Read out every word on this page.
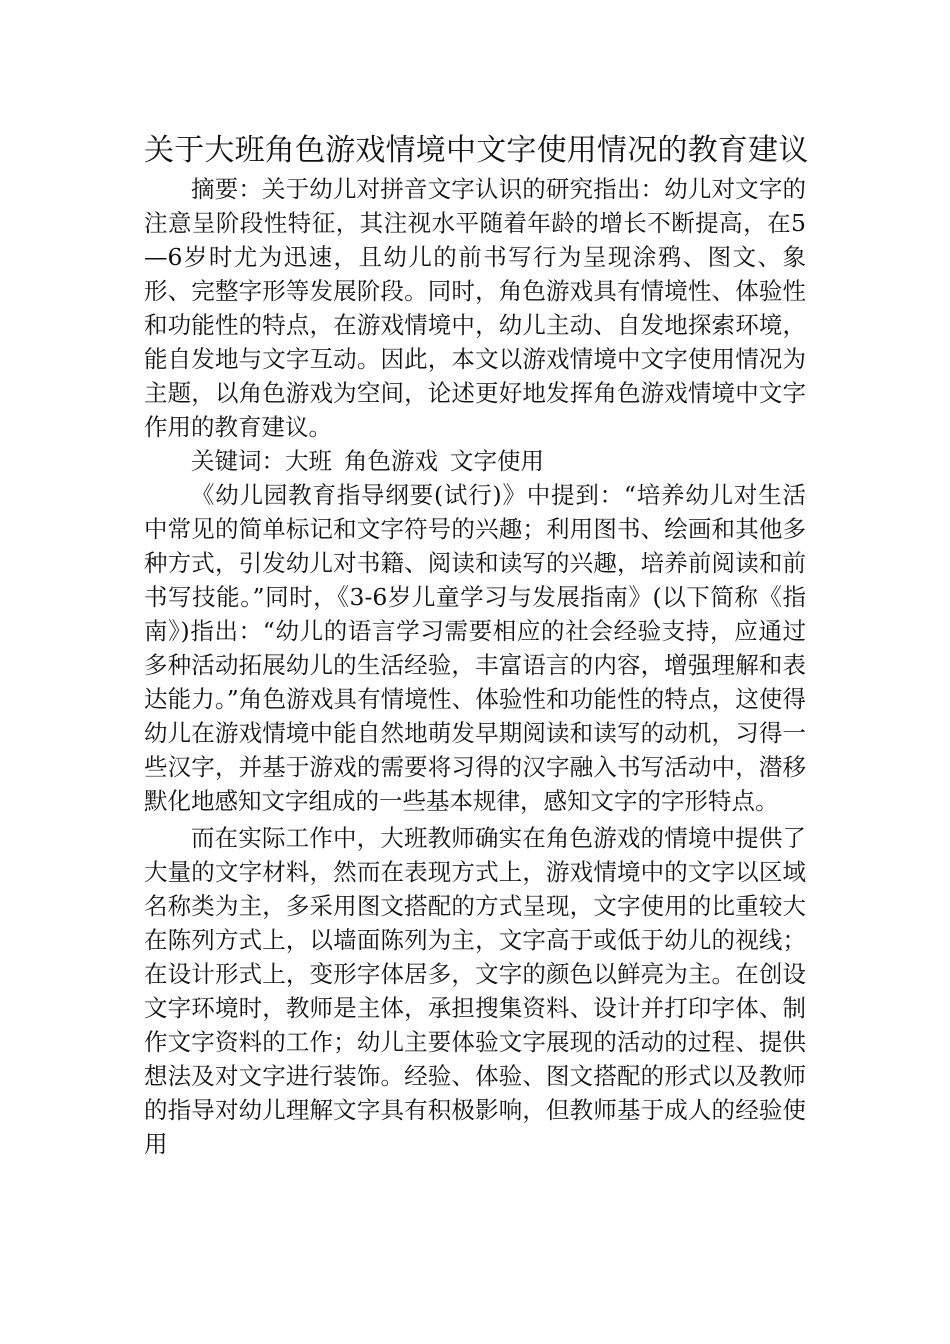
关于大班角色游戏情境中文字使用情况的教育建议

摘要：关于幼儿对拼音文字认识的研究指出：幼儿对文字的注意呈阶段性特征，其注视水平随着年龄的增长不断提高，在5—6岁时尤为迅速，且幼儿的前书写行为呈现涂鸦、图文、象形、完整字形等发展阶段。同时，角色游戏具有情境性、体验性和功能性的特点，在游戏情境中，幼儿主动、自发地探索环境，能自发地与文字互动。因此，本文以游戏情境中文字使用情况为主题，以角色游戏为空间，论述更好地发挥角色游戏情境中文字作用的教育建议。

关键词：大班 角色游戏 文字使用

《幼儿园教育指导纲要(试行)》中提到：“培养幼儿对生活中常见的简单标记和文字符号的兴趣；利用图书、绘画和其他多种方式，引发幼儿对书籍、阅读和读写的兴趣，培养前阅读和前书写技能。”同时，《3-6岁儿童学习与发展指南》(以下简称《指南》)指出：“幼儿的语言学习需要相应的社会经验支持，应通过多种活动拓展幼儿的生活经验，丰富语言的内容，增强理解和表达能力。”角色游戏具有情境性、体验性和功能性的特点，这使得幼儿在游戏情境中能自然地萌发早期阅读和读写的动机，习得一些汉字，并基于游戏的需要将习得的汉字融入书写活动中，潜移默化地感知文字组成的一些基本规律，感知文字的字形特点。

而在实际工作中，大班教师确实在角色游戏的情境中提供了大量的文字材料，然而在表现方式上，游戏情境中的文字以区域名称类为主，多采用图文搭配的方式呈现，文字使用的比重较大在陈列方式上，以墙面陈列为主，文字高于或低于幼儿的视线；在设计形式上，变形字体居多，文字的颜色以鲜亮为主。在创设文字环境时，教师是主体，承担搜集资料、设计并打印字体、制作文字资料的工作；幼儿主要体验文字展现的活动的过程、提供想法及对文字进行装饰。经验、体验、图文搭配的形式以及教师的指导对幼儿理解文字具有积极影响，但教师基于成人的经验使用
